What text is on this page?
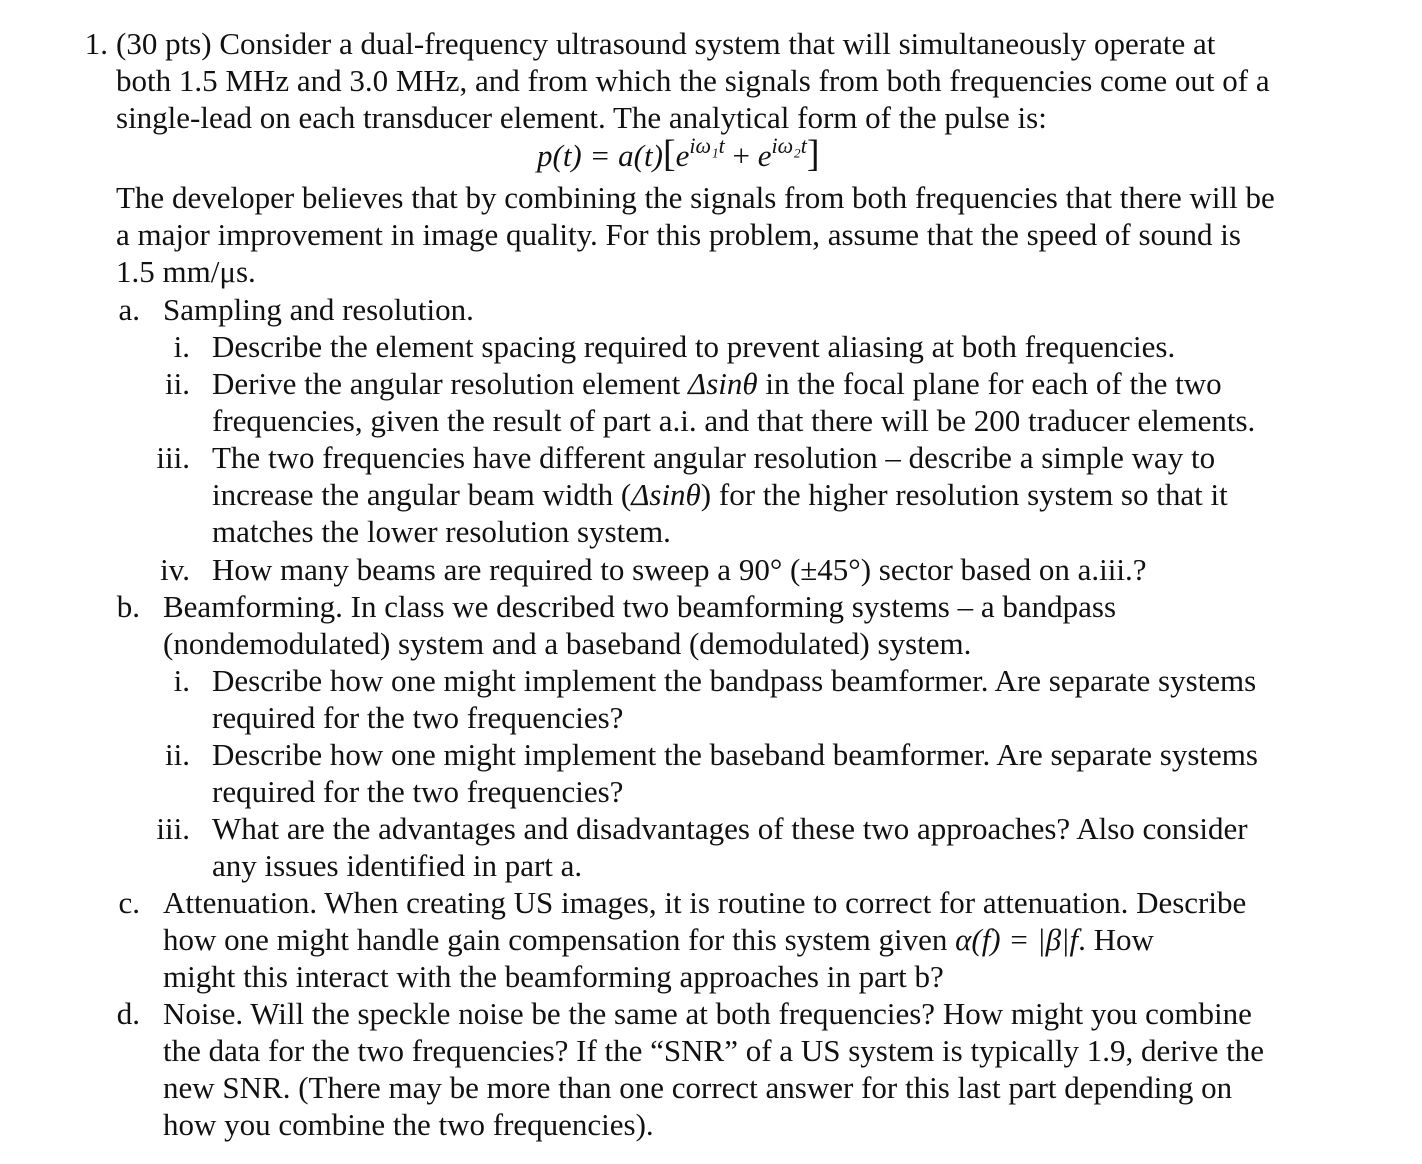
1. (30 pts) Consider a dual-frequency ultrasound system that will simultaneously operate at
both 1.5 MHz and 3.0 MHz, and from which the signals from both frequencies come out of a
single-lead on each transducer element. The analytical form of the pulse is:
$p(t) = a(t)[e^{i\omega_1t} + e^{i\omega_2t}]$
The developer believes that by combining the signals from both frequencies that there will be
a major improvement in image quality. For this problem, assume that the speed of sound is
1.5 mm/μs.
a. Sampling and resolution.
i. Describe the element spacing required to prevent aliasing at both frequencies.
ii. Derive the angular resolution element Δsinθ in the focal plane for each of the two
frequencies, given the result of part a.i. and that there will be 200 traducer elements.
iii. The two frequencies have different angular resolution – describe a simple way to
increase the angular beam width (Δsinθ) for the higher resolution system so that it
matches the lower resolution system.
iv. How many beams are required to sweep a 90° (±45°) sector based on a.iii.?
b. Beamforming. In class we described two beamforming systems – a bandpass
(nondemodulated) system and a baseband (demodulated) system.
i. Describe how one might implement the bandpass beamformer. Are separate systems
required for the two frequencies?
ii. Describe how one might implement the baseband beamformer. Are separate systems
required for the two frequencies?
iii. What are the advantages and disadvantages of these two approaches? Also consider
any issues identified in part a.
c. Attenuation. When creating US images, it is routine to correct for attenuation. Describe
how one might handle gain compensation for this system given α(f) = |β|f. How
might this interact with the beamforming approaches in part b?
d. Noise. Will the speckle noise be the same at both frequencies? How might you combine
the data for the two frequencies? If the “SNR” of a US system is typically 1.9, derive the
new SNR. (There may be more than one correct answer for this last part depending on
how you combine the two frequencies).
